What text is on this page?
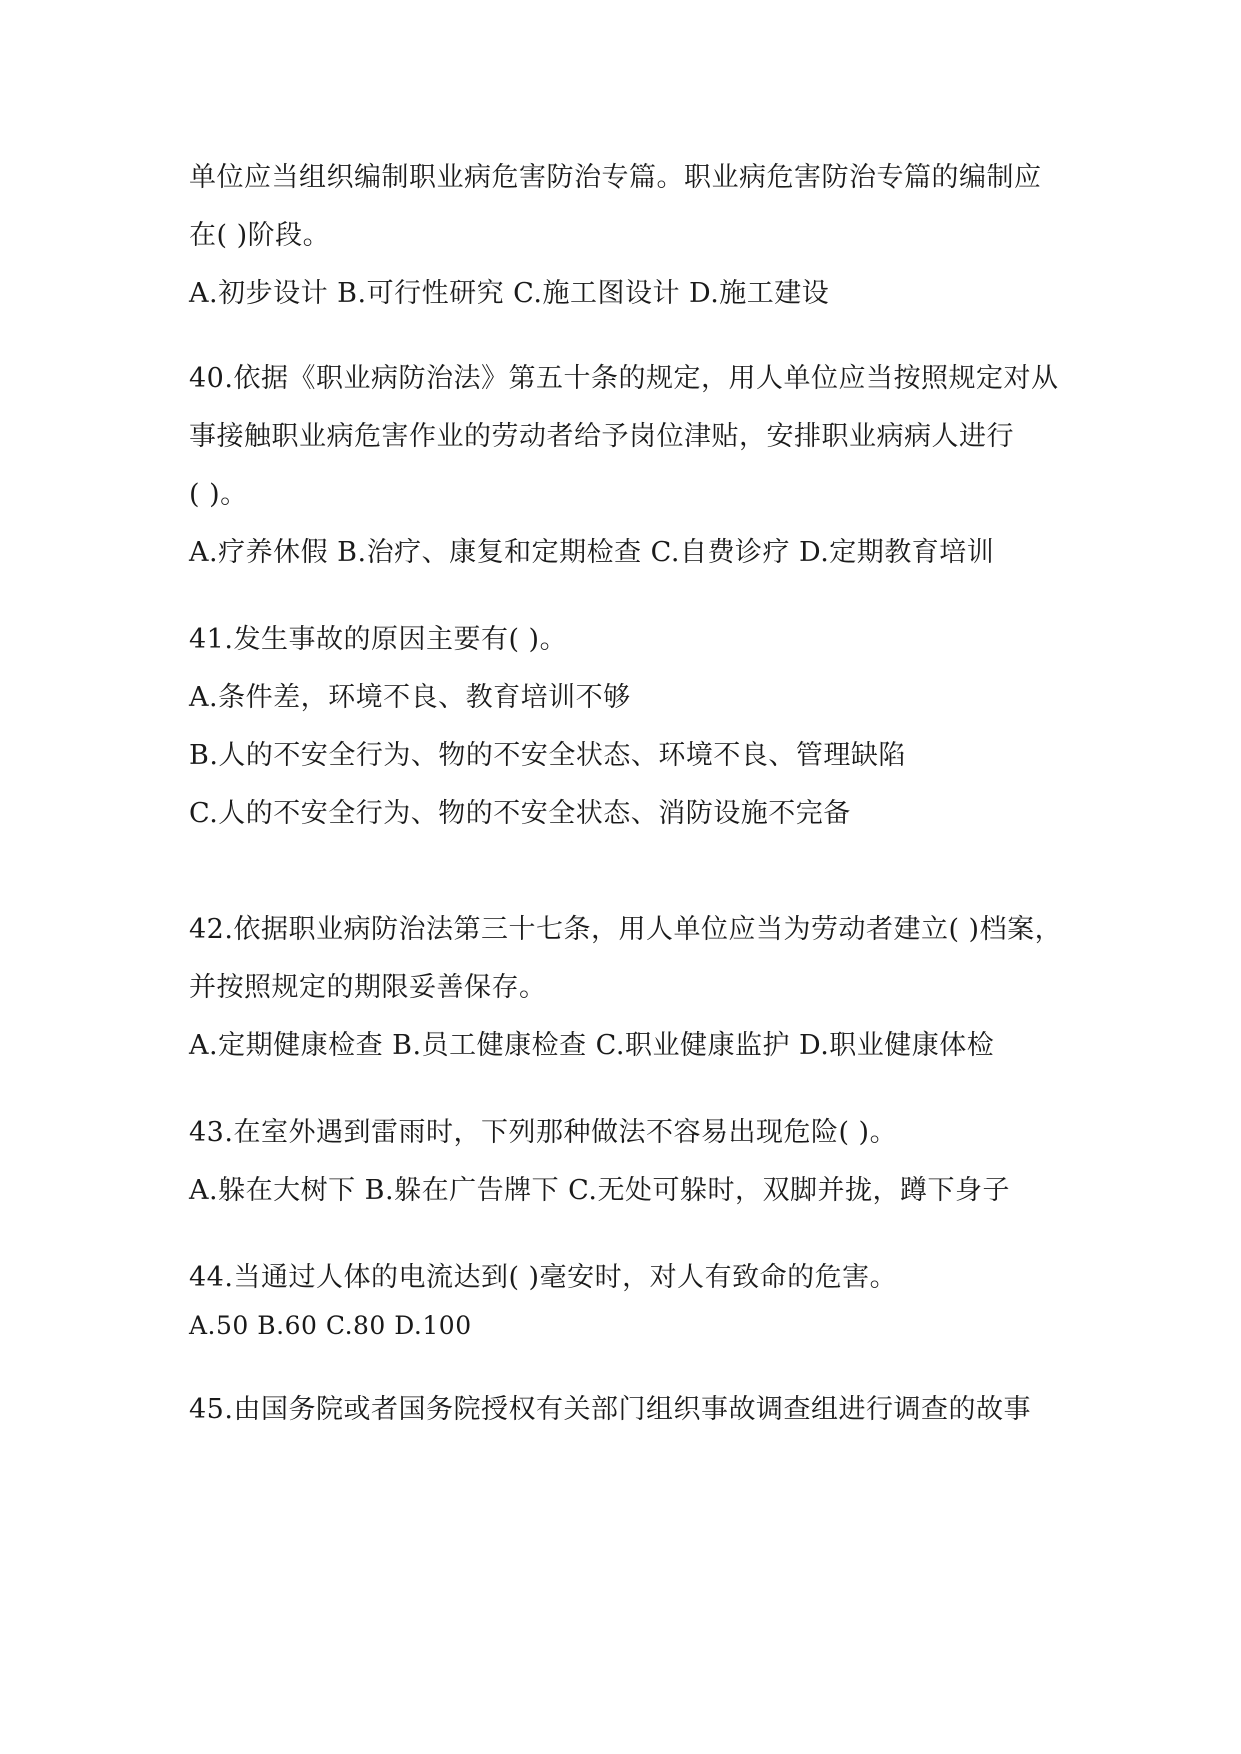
单位应当组织编制职业病危害防治专篇。职业病危害防治专篇的编制应
在( )阶段。
A.初步设计 B.可行性研究 C.施工图设计 D.施工建设
40.依据《职业病防治法》第五十条的规定，用人单位应当按照规定对从
事接触职业病危害作业的劳动者给予岗位津贴，安排职业病病人进行
( )。
A.疗养休假 B.治疗、康复和定期检查 C.自费诊疗 D.定期教育培训
41.发生事故的原因主要有( )。
A.条件差，环境不良、教育培训不够
B.人的不安全行为、物的不安全状态、环境不良、管理缺陷
C.人的不安全行为、物的不安全状态、消防设施不完备
42.依据职业病防治法第三十七条，用人单位应当为劳动者建立( )档案，
并按照规定的期限妥善保存。
A.定期健康检查 B.员工健康检查 C.职业健康监护 D.职业健康体检
43.在室外遇到雷雨时，下列那种做法不容易出现危险( )。
A.躲在大树下 B.躲在广告牌下 C.无处可躲时，双脚并拢，蹲下身子
44.当通过人体的电流达到( )毫安时，对人有致命的危害。
A.50 B.60 C.80 D.100
45.由国务院或者国务院授权有关部门组织事故调查组进行调查的故事
